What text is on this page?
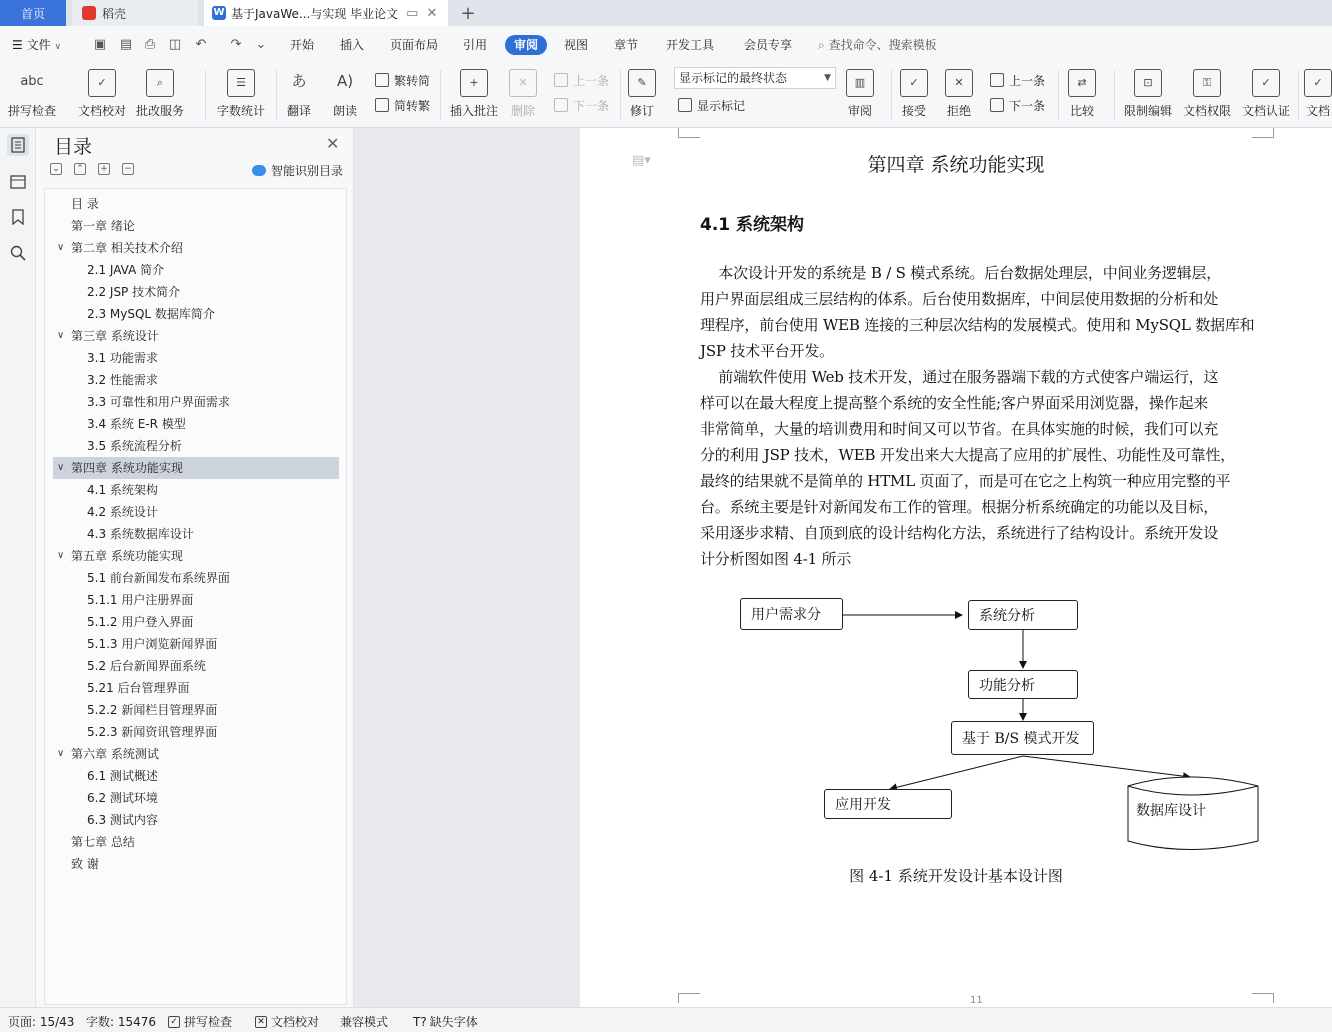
首页	稻壳	W 基于JavaWe...与实现 毕业论文 ▭ ✕ +
☰ 文件 ∨	▣ ▤ ⎙ ◫ ↶ ↷ ⌄ 开始 插入 页面布局 引用	审阅	视图 章节 开发工具 会员专享 ⌕ 查找命令、搜索模板
abc
拼写检查
✓
文档校对
⌕
批改服务
☰
字数统计
あ
翻译
A)
朗读
繁转简
简转繁
+
插入批注
✕
删除
上一条
下一条
✎
修订
显示标记的最终状态	▼
显示标记
▥
审阅
✓
接受
✕
拒绝
上一条
下一条
⇄
比较
⊡
限制编辑
⚿
文档权限
✓
文档认证
✓
文档
目录	✕
⌄ ⌃ + −	智能识别目录
目 录
第一章 绪论
∨ 第二章 相关技术介绍
2.1 JAVA 简介
2.2 JSP 技术简介
2.3 MySQL 数据库简介
∨ 第三章 系统设计
3.1 功能需求
3.2 性能需求
3.3 可靠性和用户界面需求
3.4 系统 E-R 模型
3.5 系统流程分析
∨ 第四章 系统功能实现
4.1 系统架构
4.2 系统设计
4.3 系统数据库设计
∨ 第五章 系统功能实现
5.1 前台新闻发布系统界面
5.1.1 用户注册界面
5.1.2 用户登入界面
5.1.3 用户浏览新闻界面
5.2 后台新闻界面系统
5.21 后台管理界面
5.2.2 新闻栏目管理界面
5.2.3 新闻资讯管理界面
∨ 第六章 系统测试
6.1 测试概述
6.2 测试环境
6.3 测试内容
第七章 总结
致 谢
▤▾	第四章 系统功能实现
4.1 系统架构
本次设计开发的系统是 B / S 模式系统。后台数据处理层，中间业务逻辑层，
用户界面层组成三层结构的体系。后台使用数据库，中间层使用数据的分析和处
理程序，前台使用 WEB 连接的三种层次结构的发展模式。使用和 MySQL 数据库和
JSP 技术平台开发。
前端软件使用 Web 技术开发，通过在服务器端下载的方式使客户端运行，这
样可以在最大程度上提高整个系统的安全性能;客户界面采用浏览器，操作起来
非常简单，大量的培训费用和时间又可以节省。在具体实施的时候，我们可以充
分的利用 JSP 技术，WEB 开发出来大大提高了应用的扩展性、功能性及可靠性，
最终的结果就不是简单的 HTML 页面了，而是可在它之上构筑一种应用完整的平
台。系统主要是针对新闻发布工作的管理。根据分析系统确定的功能以及目标，
采用逐步求精、自顶到底的设计结构化方法，系统进行了结构设计。系统开发设
计分析图如图 4-1 所示
用户需求分	系统分析
功能分析
基于 B/S 模式开发
应用开发	数据库设计
图 4-1 系统开发设计基本设计图
11
页面: 15/43 字数: 15476 ✓ 拼写检查	✕ 文档校对 兼容模式 T? 缺失字体
